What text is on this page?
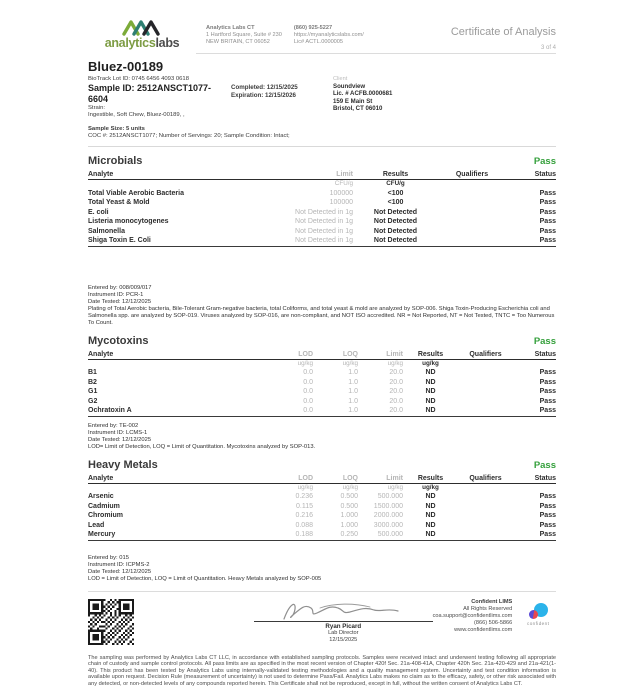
analyticslabs
Analytics Labs CT
1 Hartford Square, Suite # 230
NEW BRITAIN, CT 06052
(860) 925-5227
https://myanalyticslabs.com/
Lic# ACTL.0000005
Certificate of Analysis
3 of 4
Bluez-00189
BioTrack Lot ID: 0745 6456 4093 0618
Sample ID: 2512ANSCT1077-6604
Strain:
Ingestible, Soft Chew, Bluez-00189, ,
Completed: 12/15/2025
Expiration: 12/15/2026
Client
Soundview
Lic. # ACFB.0000681
159 E Main St
Bristol, CT 06010
Sample Size: 5 units
COC #: 2512ANSCT1077; Number of Servings: 20; Sample Condition: Intact;
Microbials	Pass
Analyte	Limit	Results	Qualifiers	Status
CFU/g	CFU/g
Total Viable Aerobic Bacteria	100000	<100	Pass
Total Yeast & Mold	100000	<100	Pass
E. coli	Not Detected in 1g	Not Detected	Pass
Listeria monocytogenes	Not Detected in 1g	Not Detected	Pass
Salmonella	Not Detected in 1g	Not Detected	Pass
Shiga Toxin E. Coli	Not Detected in 1g	Not Detected	Pass
Entered by: 008/009/017
Instrument ID: PCR-1
Date Tested: 12/12/2025
Plating of Total Aerobic bacteria, Bile-Tolerant Gram-negative bacteria, total Coliforms, and total yeast & mold are analyzed by SOP-006. Shiga Toxin-Producing Escherichia coli and Salmonella spp. are analyzed by SOP-019. Viruses analyzed by SOP-016, are non-compliant, and NOT ISO accredited. NR = Not Reported, NT = Not Tested, TNTC = Too Numerous To Count.
Mycotoxins	Pass
Analyte	LOD	LOQ	Limit	Results	Qualifiers	Status
ug/kg	ug/kg	ug/kg	ug/kg
B1	0.0	1.0	20.0	ND	Pass
B2	0.0	1.0	20.0	ND	Pass
G1	0.0	1.0	20.0	ND	Pass
G2	0.0	1.0	20.0	ND	Pass
Ochratoxin A	0.0	1.0	20.0	ND	Pass
Entered by: TE-002
Instrument ID: LCMS-1
Date Tested: 12/12/2025
LOD= Limit of Detection, LOQ = Limit of Quantitation. Mycotoxins analyzed by SOP-013.
Heavy Metals	Pass
Analyte	LOD	LOQ	Limit	Results	Qualifiers	Status
ug/kg	ug/kg	ug/kg	ug/kg
Arsenic	0.236	0.500	500.000	ND	Pass
Cadmium	0.115	0.500	1500.000	ND	Pass
Chromium	0.216	1.000	2000.000	ND	Pass
Lead	0.088	1.000	3000.000	ND	Pass
Mercury	0.188	0.250	500.000	ND	Pass
Entered by: 015
Instrument ID: ICPMS-2
Date Tested: 12/12/2025
LOD = Limit of Detection, LOQ = Limit of Quantitation. Heavy Metals analyzed by SOP-005
Ryan Picard
Lab Director
12/15/2025
Confident LIMS
All Rights Reserved
coa.support@confidentlims.com
(866) 506-5866
www.confidentlims.com
confident
The sampling was performed by Analytics Labs CT LLC, in accordance with established sampling protocols. Samples were received intact and underwent testing following all appropriate chain of custody and sample control protocols. All pass limits are as specified in the most recent version of Chapter 420f Sec. 21a-408-41A, Chapter 420h Sec. 21a-420-429 and 21a-421(1-40). This product has been tested by Analytics Labs using internally-validated testing methodologies and a quality management system. Uncertainty and test condition information is available upon request. Decision Rule (measurement of uncertainty) is not used to determine Pass/Fail. Analytics Labs makes no claim as to the efficacy, safety, or other risk associated with any detected, or non-detected levels of any compounds reported herein. This Certificate shall not be reproduced, except in full, without the written consent of Analytics Labs CT.
